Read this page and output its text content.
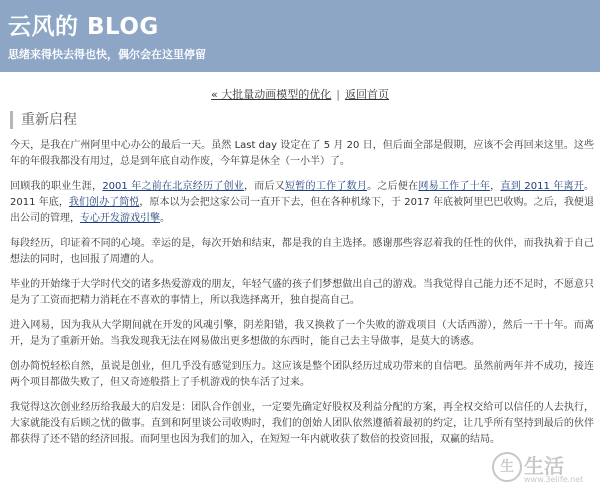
云风的 BLOG
思绪来得快去得也快，偶尔会在这里停留
« 大批量动画模型的优化 | 返回首页
重新启程

今天，是我在广州阿里中心办公的最后一天。虽然 Last day 设定在了 5 月 20 日，但后面全部是假期，应该不会再回来这里。这些年的年假我都没有用过，总是到年底自动作废，今年算是休全（一小半）了。

回顾我的职业生涯，2001 年之前在北京经历了创业，而后又短暂的工作了数月。之后便在网易工作了十年，直到 2011 年离开。2011 年底，我们创办了简悦，原本以为会把这家公司一直开下去，但在各种机缘下，于 2017 年底被阿里巴巴收购。之后，我便退出公司的管理，专心开发游戏引擎。

每段经历，印证着不同的心境。幸运的是，每次开始和结束，都是我的自主选择。感谢那些容忍着我的任性的伙伴，而我执着于自己想法的同时，也回报了周遭的人。

毕业的开始缘于大学时代交的诸多热爱游戏的朋友，年轻气盛的孩子们梦想做出自己的游戏。当我觉得自己能力还不足时，不愿意只是为了工资而把精力消耗在不喜欢的事情上，所以我选择离开，独自提高自己。

进入网易，因为我从大学期间就在开发的风魂引擎，阴差阳错，我又换救了一个失败的游戏项目（大话西游），然后一干十年。而离开，是为了重新开始。当我发现我无法在网易做出更多想做的东西时，能自己去主导做事，是莫大的诱惑。

创办简悦轻松自然，虽说是创业，但几乎没有感觉到压力。这应该是整个团队经历过成功带来的自信吧。虽然前两年并不成功，接连两个项目都做失败了，但又奇迹般搭上了手机游戏的快车活了过来。

我觉得这次创业经历给我最大的启发是：团队合作创业，一定要先确定好股权及利益分配的方案，再全权交给可以信任的人去执行，大家就能没有后顾之忧的做事。直到和阿里谈公司收购时，我们的创始人团队依然遵循着最初的约定，让几乎所有坚持到最后的伙伴都获得了还不错的经济回报。而阿里也因为我们的加入，在短短一年内就收获了数倍的投资回报，双赢的结局。

生 生活
www.3elife.net
